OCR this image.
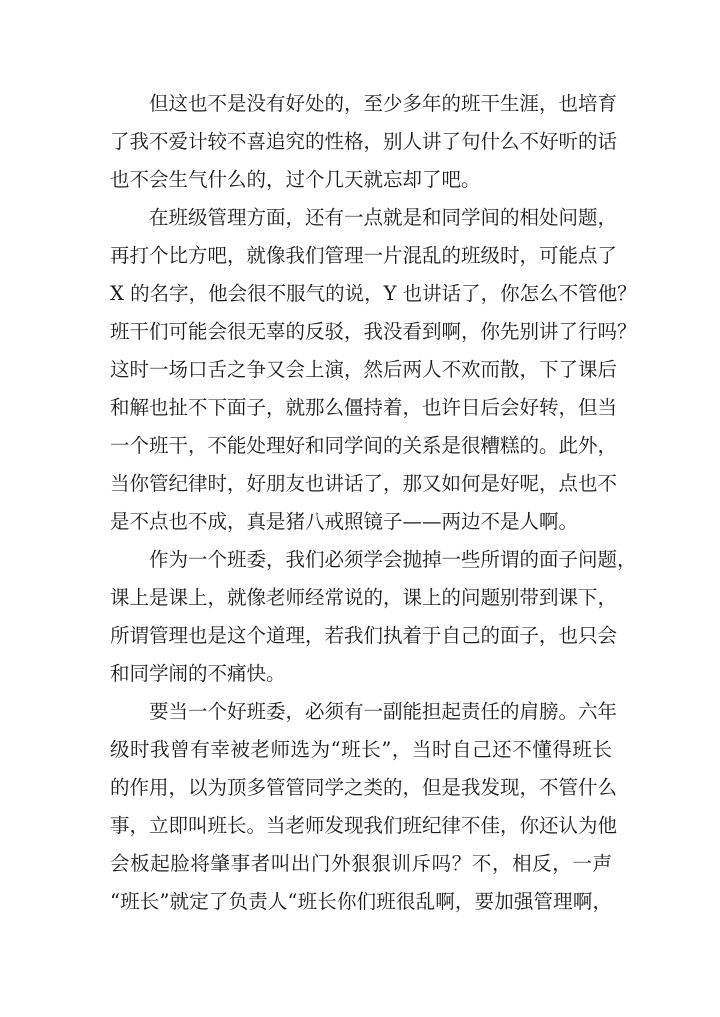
但这也不是没有好处的，至少多年的班干生涯，也培育
了我不爱计较不喜追究的性格，别人讲了句什么不好听的话
也不会生气什么的，过个几天就忘却了吧。
在班级管理方面，还有一点就是和同学间的相处问题，
再打个比方吧，就像我们管理一片混乱的班级时，可能点了
X 的名字，他会很不服气的说，Y 也讲话了，你怎么不管他？
班干们可能会很无辜的反驳，我没看到啊，你先别讲了行吗？
这时一场口舌之争又会上演，然后两人不欢而散，下了课后
和解也扯不下面子，就那么僵持着，也许日后会好转，但当
一个班干，不能处理好和同学间的关系是很糟糕的。此外，
当你管纪律时，好朋友也讲话了，那又如何是好呢，点也不
是不点也不成，真是猪八戒照镜子——两边不是人啊。
作为一个班委，我们必须学会抛掉一些所谓的面子问题，
课上是课上，就像老师经常说的，课上的问题别带到课下，
所谓管理也是这个道理，若我们执着于自己的面子，也只会
和同学闹的不痛快。
要当一个好班委，必须有一副能担起责任的肩膀。六年
级时我曾有幸被老师选为“班长”，当时自己还不懂得班长
的作用，以为顶多管管同学之类的，但是我发现，不管什么
事，立即叫班长。当老师发现我们班纪律不佳，你还认为他
会板起脸将肇事者叫出门外狠狠训斥吗？不，相反，一声
“班长”就定了负责人“班长你们班很乱啊，要加强管理啊，
